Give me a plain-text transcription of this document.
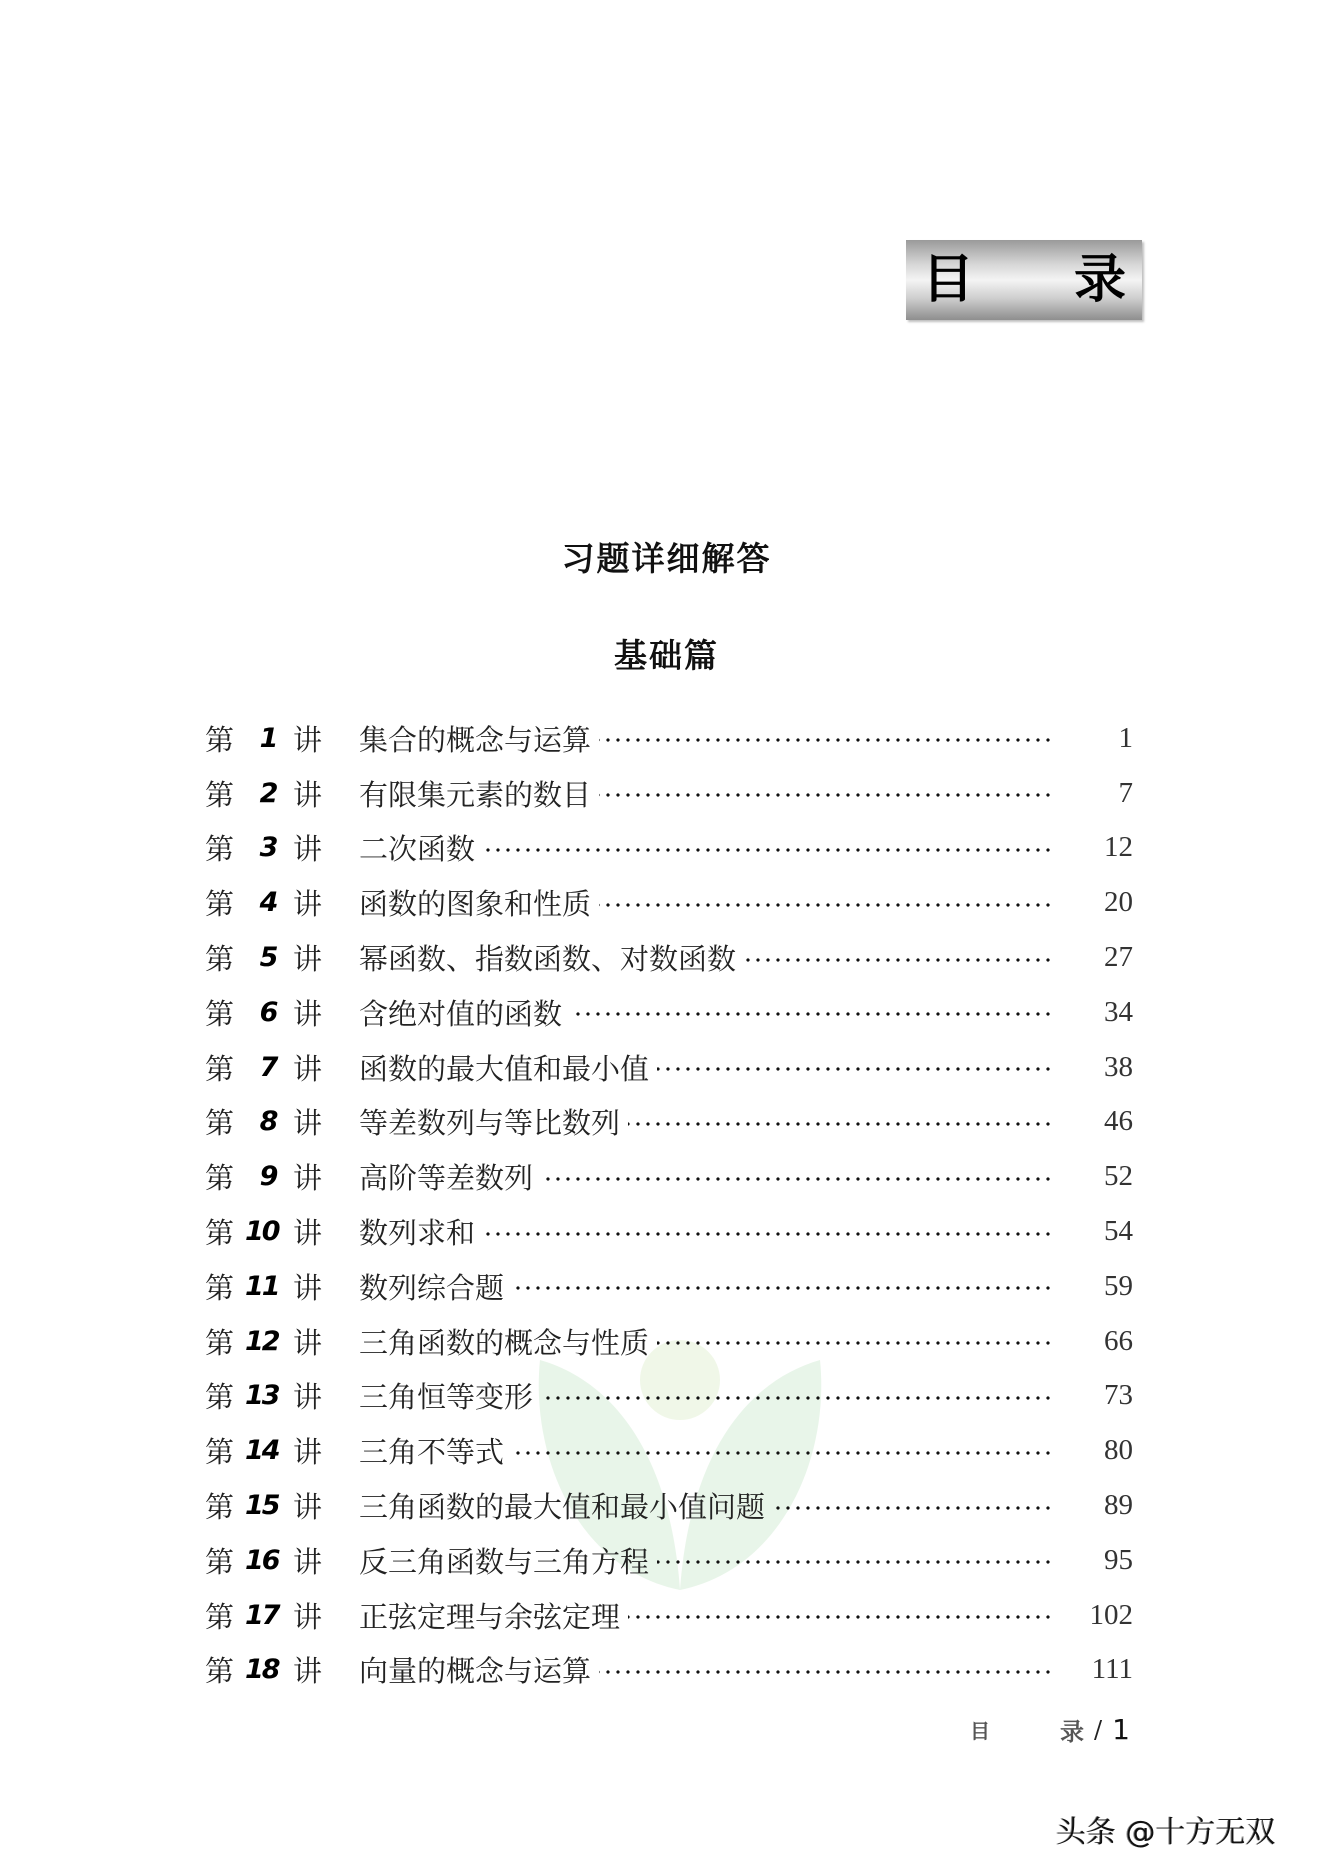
目 录
习题详细解答
基础篇
第 1 讲	集合的概念与运算	1
第 2 讲	有限集元素的数目	7
第 3 讲	二次函数	12
第 4 讲	函数的图象和性质	20
第 5 讲	幂函数、指数函数、对数函数	27
第 6 讲	含绝对值的函数	34
第 7 讲	函数的最大值和最小值	38
第 8 讲	等差数列与等比数列	46
第 9 讲	高阶等差数列	52
第 10 讲	数列求和	54
第 11 讲	数列综合题	59
第 12 讲	三角函数的概念与性质	66
第 13 讲	三角恒等变形	73
第 14 讲	三角不等式	80
第 15 讲	三角函数的最大值和最小值问题	89
第 16 讲	反三角函数与三角方程	95
第 17 讲	正弦定理与余弦定理	102
第 18 讲	向量的概念与运算	111
目	录 / 1
头条 @十方无双
